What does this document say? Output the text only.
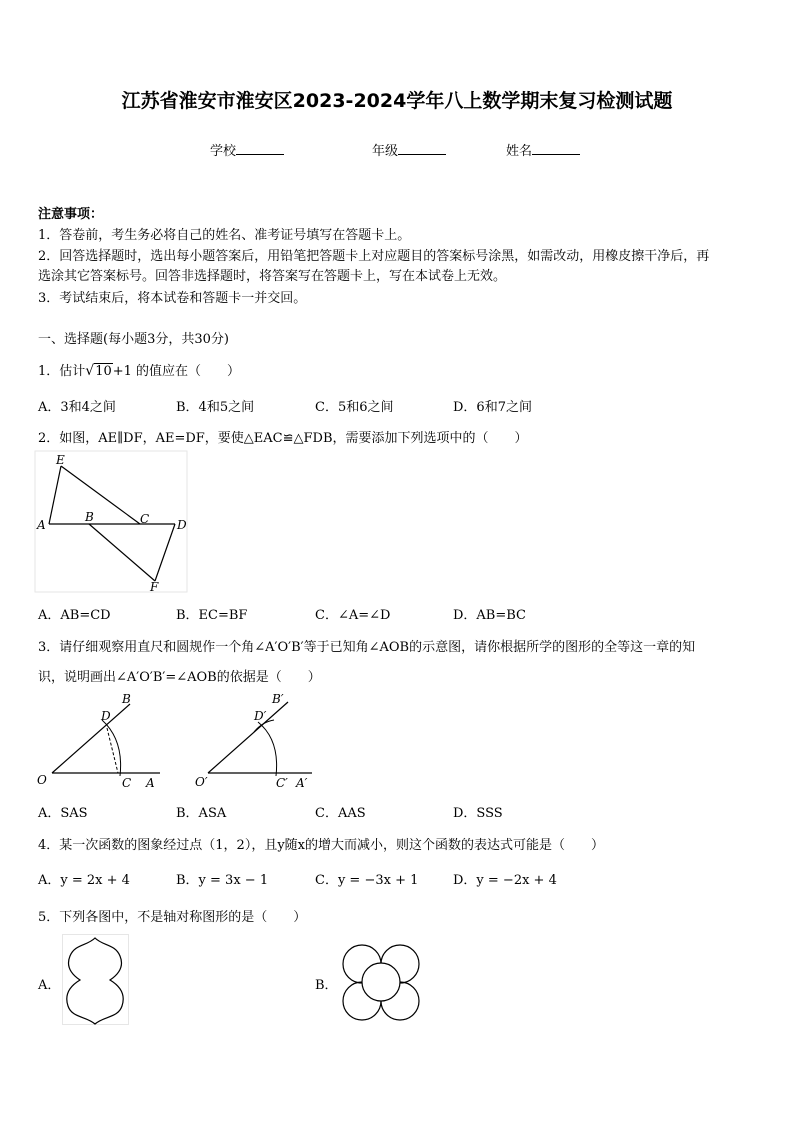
江苏省淮安市淮安区2023-2024学年八上数学期末复习检测试题
学校	年级	姓名
注意事项：
1．答卷前，考生务必将自己的姓名、准考证号填写在答题卡上。
2．回答选择题时，选出每小题答案后，用铅笔把答题卡上对应题目的答案标号涂黑，如需改动，用橡皮擦干净后，再
选涂其它答案标号。回答非选择题时，将答案写在答题卡上，写在本试卷上无效。
3．考试结束后，将本试卷和答题卡一并交回。
一、选择题(每小题3分，共30分)
1．估计√10+1 的值应在（　　）
A．3和4之间	B．4和5之间	C．5和6之间	D．6和7之间
2．如图，AE∥DF，AE=DF，要使△EAC≌△FDB，需要添加下列选项中的（　　）
E
A
B	C D
F
A．AB=CD	B．EC=BF	C．∠A=∠D	D．AB=BC
3．请仔细观察用直尺和圆规作一个角∠A′O′B′等于已知角∠AOB的示意图，请你根据所学的图形的全等这一章的知
识，说明画出∠A′O′B′=∠AOB的依据是（　　）
B
D
O	C A
B′
D′
O′	C′ A′
A．SAS	B．ASA	C．AAS	D．SSS
4．某一次函数的图象经过点（1，2），且y随x的增大而减小，则这个函数的表达式可能是（　　）
A．y = 2x + 4	B．y = 3x − 1	C．y = −3x + 1	D．y = −2x + 4
5．下列各图中，不是轴对称图形的是（　　）
A．	B．
